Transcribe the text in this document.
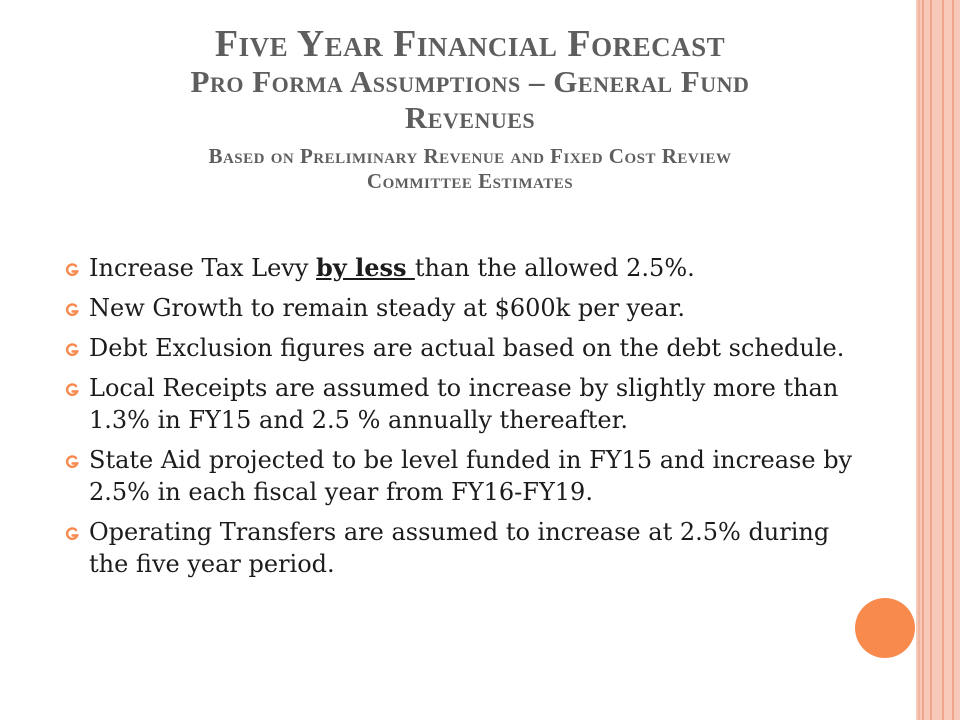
Five Year Financial Forecast

Pro Forma Assumptions – General Fund

Revenues

Based on Preliminary Revenue and Fixed Cost Review

Committee Estimates

Increase Tax Levy by less than the allowed 2.5%.
New Growth to remain steady at $600k per year.
Debt Exclusion figures are actual based on the debt schedule.
Local Receipts are assumed to increase by slightly more than 1.3% in FY15 and 2.5 % annually thereafter.
State Aid projected to be level funded in FY15 and increase by 2.5% in each fiscal year from FY16-FY19.
Operating Transfers are assumed to increase at 2.5% during the five year period.
